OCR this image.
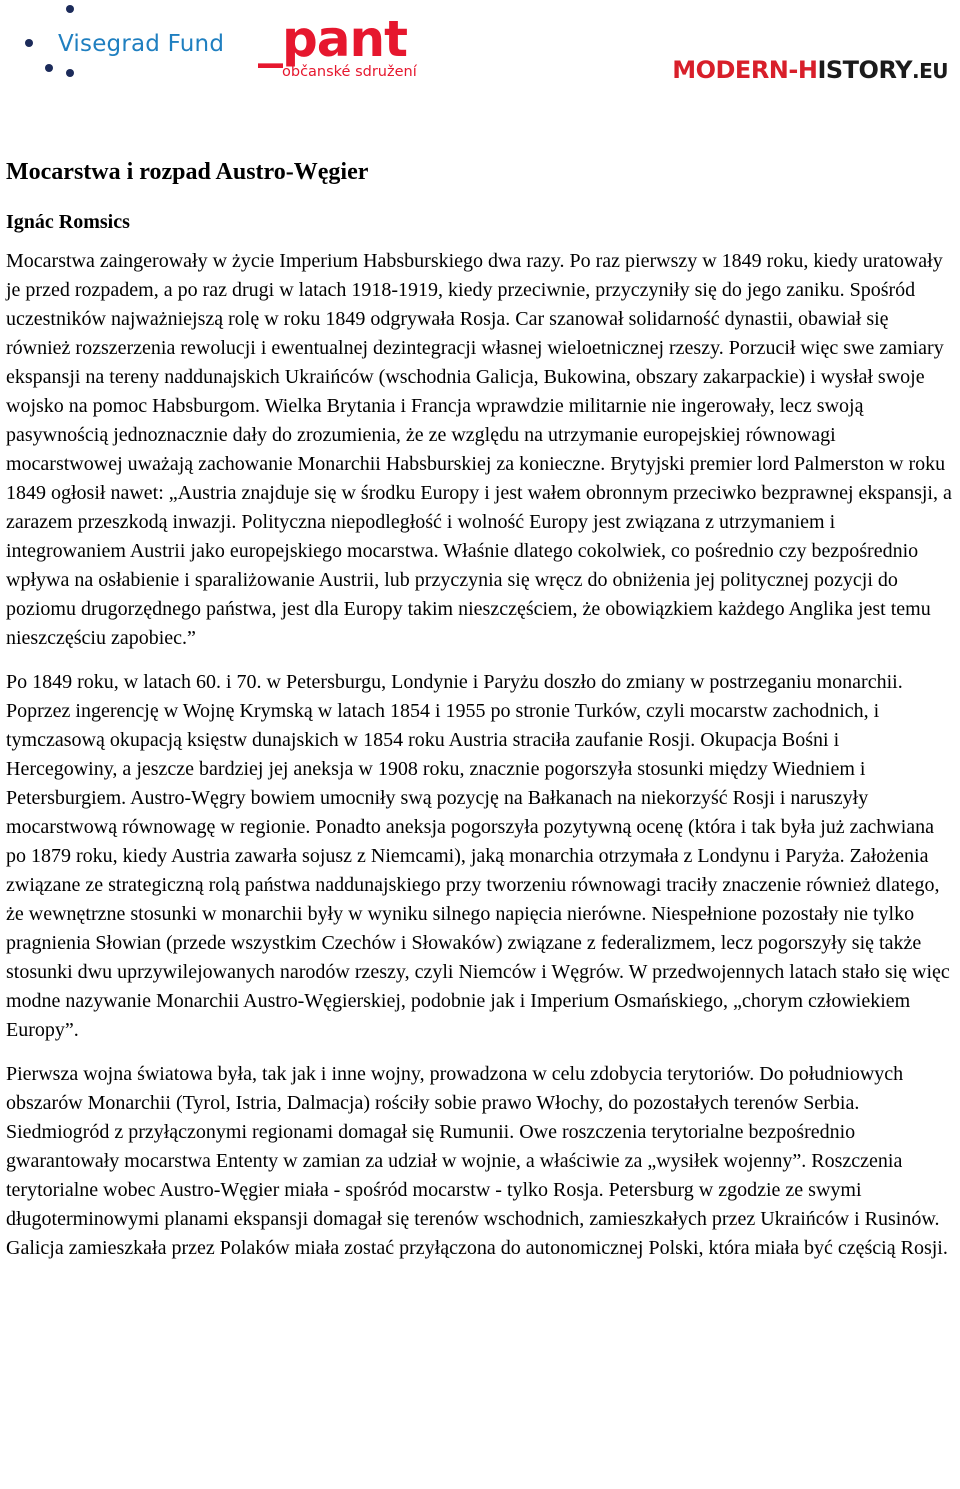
Visegrad Fund _pant
občanské sdružení	MODERN-HISTORY.EU
Mocarstwa i rozpad Austro-Węgier
Ignác Romsics

Mocarstwa zaingerowały w życie Imperium Habsburskiego dwa razy. Po raz pierwszy w 1849 roku, kiedy uratowały je przed rozpadem, a po raz drugi w latach 1918-1919, kiedy przeciwnie, przyczyniły się do jego zaniku. Spośród uczestników najważniejszą rolę w roku 1849 odgrywała Rosja. Car szanował solidarność dynastii, obawiał się również rozszerzenia rewolucji i ewentualnej dezintegracji własnej wieloetnicznej rzeszy. Porzucił więc swe zamiary ekspansji na tereny naddunajskich Ukraińców (wschodnia Galicja, Bukowina, obszary zakarpackie) i wysłał swoje wojsko na pomoc Habsburgom. Wielka Brytania i Francja wprawdzie militarnie nie ingerowały, lecz swoją pasywnością jednoznacznie dały do zrozumienia, że ze względu na utrzymanie europejskiej równowagi mocarstwowej uważają zachowanie Monarchii Habsburskiej za konieczne. Brytyjski premier lord Palmerston w roku 1849 ogłosił nawet: „Austria znajduje się w środku Europy i jest wałem obronnym przeciwko bezprawnej ekspansji, a zarazem przeszkodą inwazji. Polityczna niepodległość i wolność Europy jest związana z utrzymaniem i integrowaniem Austrii jako europejskiego mocarstwa. Właśnie dlatego cokolwiek, co pośrednio czy bezpośrednio wpływa na osłabienie i sparaliżowanie Austrii, lub przyczynia się wręcz do obniżenia jej politycznej pozycji do poziomu drugorzędnego państwa, jest dla Europy takim nieszczęściem, że obowiązkiem każdego Anglika jest temu nieszczęściu zapobiec.”

Po 1849 roku, w latach 60. i 70. w Petersburgu, Londynie i Paryżu doszło do zmiany w postrzeganiu monarchii. Poprzez ingerencję w Wojnę Krymską w latach 1854 i 1955 po stronie Turków, czyli mocarstw zachodnich, i tymczasową okupacją księstw dunajskich w 1854 roku Austria straciła zaufanie Rosji. Okupacja Bośni i Hercegowiny, a jeszcze bardziej jej aneksja w 1908 roku, znacznie pogorszyła stosunki między Wiedniem i Petersburgiem. Austro-Węgry bowiem umocniły swą pozycję na Bałkanach na niekorzyść Rosji i naruszyły mocarstwową równowagę w regionie. Ponadto aneksja pogorszyła pozytywną ocenę (która i tak była już zachwiana po 1879 roku, kiedy Austria zawarła sojusz z Niemcami), jaką monarchia otrzymała z Londynu i Paryża. Założenia związane ze strategiczną rolą państwa naddunajskiego przy tworzeniu równowagi traciły znaczenie również dlatego, że wewnętrzne stosunki w monarchii były w wyniku silnego napięcia nierówne. Niespełnione pozostały nie tylko pragnienia Słowian (przede wszystkim Czechów i Słowaków) związane z federalizmem, lecz pogorszyły się także stosunki dwu uprzywilejowanych narodów rzeszy, czyli Niemców i Węgrów. W przedwojennych latach stało się więc modne nazywanie Monarchii Austro-Węgierskiej, podobnie jak i Imperium Osmańskiego, „chorym człowiekiem Europy”.

Pierwsza wojna światowa była, tak jak i inne wojny, prowadzona w celu zdobycia terytoriów. Do południowych obszarów Monarchii (Tyrol, Istria, Dalmacja) rościły sobie prawo Włochy, do pozostałych terenów Serbia. Siedmiogród z przyłączonymi regionami domagał się Rumunii. Owe roszczenia terytorialne bezpośrednio gwarantowały mocarstwa Ententy w zamian za udział w wojnie, a właściwie za „wysiłek wojenny”. Roszczenia terytorialne wobec Austro-Węgier miała - spośród mocarstw - tylko Rosja. Petersburg w zgodzie ze swymi długoterminowymi planami ekspansji domagał się terenów wschodnich, zamieszkałych przez Ukraińców i Rusinów. Galicja zamieszkała przez Polaków miała zostać przyłączona do autonomicznej Polski, która miała być częścią Rosji.
